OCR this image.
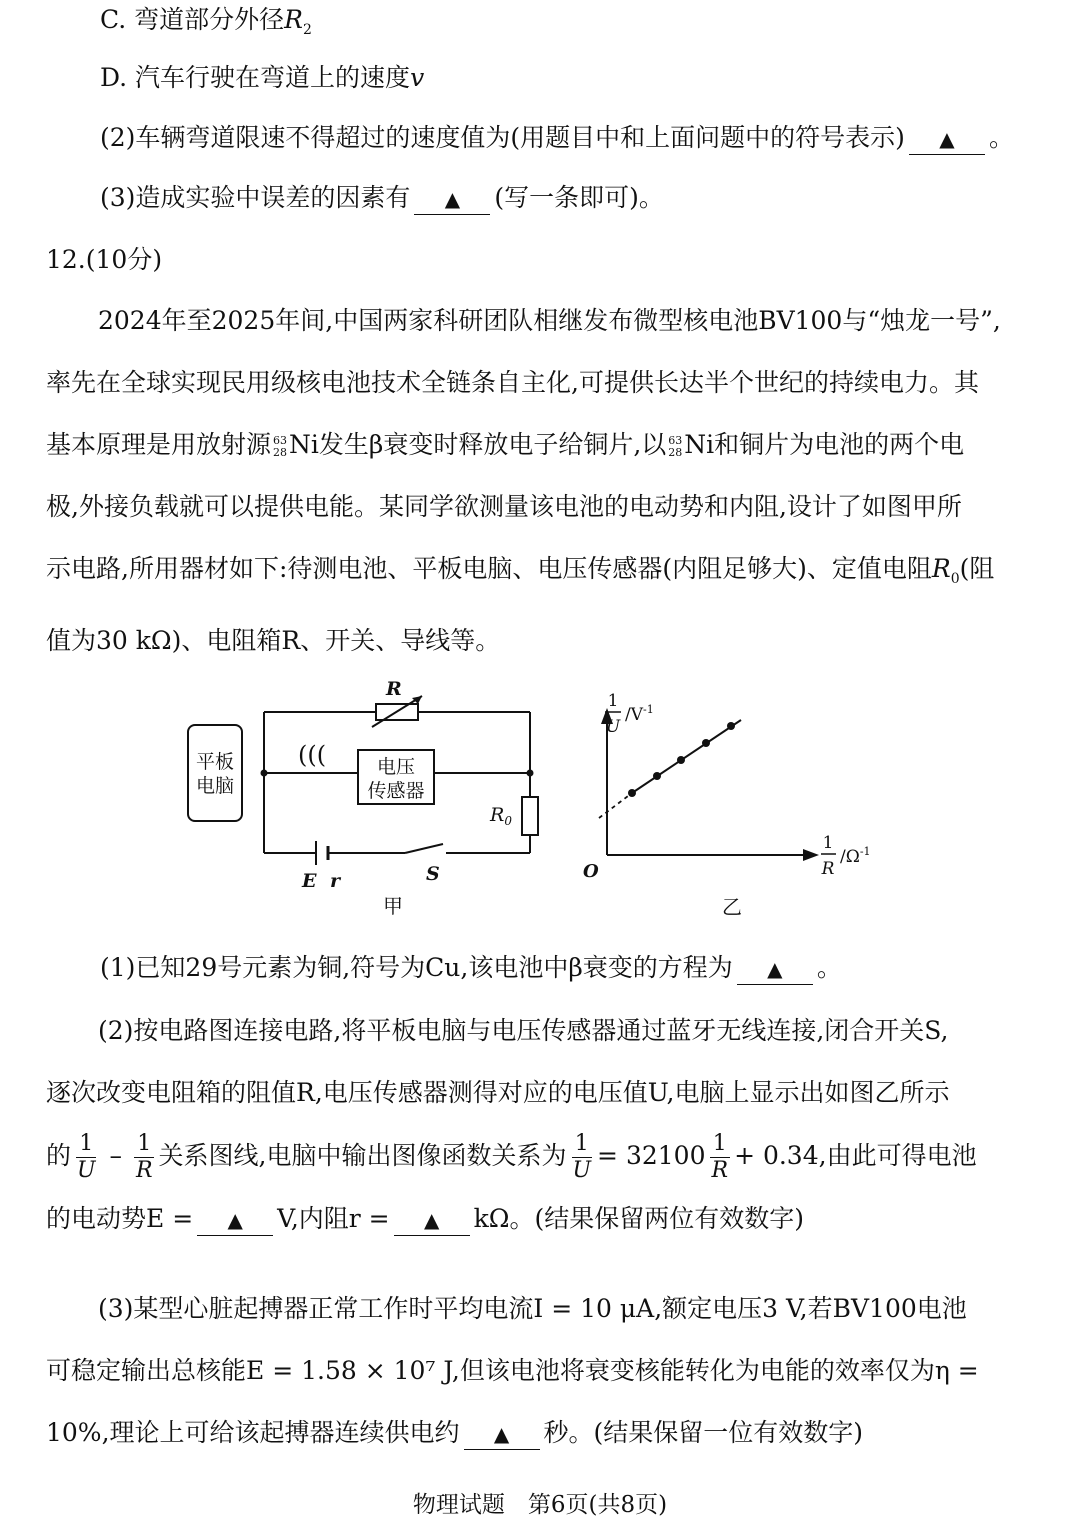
C. 弯道部分外径$R_2$
D. 汽车行驶在弯道上的速度v
(2)车辆弯道限速不得超过的速度值为(用题目中和上面问题中的符号表示) ▲ 。
(3)造成实验中误差的因素有 ▲ (写一条即可)。
12.(10分)
2024年至2025年间,中国两家科研团队相继发布微型核电池BV100与“烛龙一号”,
率先在全球实现民用级核电池技术全链条自主化,可提供长达半个世纪的持续电力。其
基本原理是用放射源 63
28 Ni发生β衰变时释放电子给铜片,以 63
28 Ni和铜片为电池的两个电
极,外接负载就可以提供电能。某同学欲测量该电池的电动势和内阻,设计了如图甲所
示电路,所用器材如下:待测电池、平板电脑、电压传感器(内阻足够大)、定值电阻$R_0$(阻
值为30 kΩ)、电阻箱R、开关、导线等。
平板
电脑
(((	电压
传感器
R
$R_0$
E r	S
甲
1
U
$/V^{-1}$
1
R
$/\Omega^{-1}$
O
乙
(1)已知29号元素为铜,符号为Cu,该电池中β衰变的方程为 ▲ 。
(2)按电路图连接电路,将平板电脑与电压传感器通过蓝牙无线连接,闭合开关S,
逐次改变电阻箱的阻值R,电压传感器测得对应的电压值U,电脑上显示出如图乙所示
的 $\frac{1}{U} - \frac{1}{R}$ 关系图线,电脑中输出图像函数关系为 $\frac{1}{U} = 32100 \frac{1}{R} + 0.34$,由此可得电池
的电动势E = ▲ V,内阻r = ▲ kΩ。(结果保留两位有效数字)
(3)某型心脏起搏器正常工作时平均电流I = 10 μA,额定电压3 V,若BV100电池
可稳定输出总核能E = 1.58 × 10⁷ J,但该电池将衰变核能转化为电能的效率仅为η =
10%,理论上可给该起搏器连续供电约 ▲ 秒。(结果保留一位有效数字)
物理试题　第6页(共8页)
